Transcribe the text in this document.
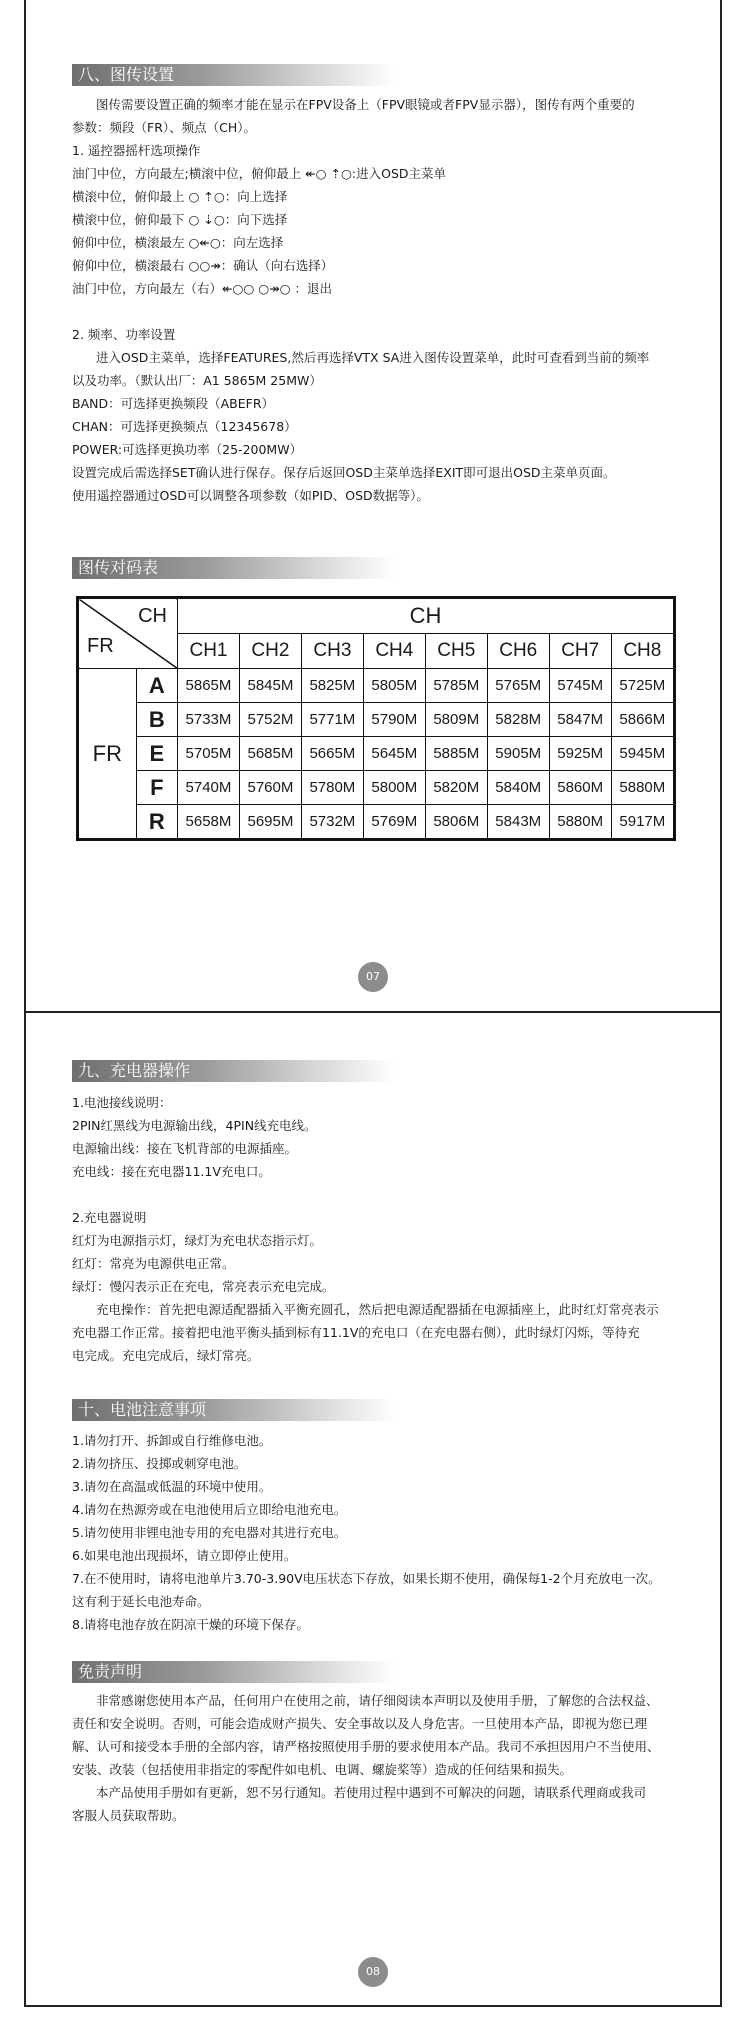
八、图传设置

图传需要设置正确的频率才能在显示在FPV设备上（FPV眼镜或者FPV显示器），图传有两个重要的

参数：频段（FR）、频点（CH）。

1. 遥控器摇杆选项操作

油门中位，方向最左;横滚中位，俯仰最上 ↞○ ⇡○:进入OSD主菜单

横滚中位，俯仰最上 ○ ⇡○：向上选择

横滚中位，俯仰最下 ○ ⇣○：向下选择

俯仰中位，横滚最左 ○↞○：向左选择

俯仰中位，横滚最右 ○○↠：确认（向右选择）

油门中位，方向最左（右）↞○○ ○↠○ ：退出

2. 频率、功率设置

进入OSD主菜单，选择FEATURES,然后再选择VTX SA进入图传设置菜单，此时可查看到当前的频率

以及功率。（默认出厂：A1 5865M 25MW）

BAND：可选择更换频段（ABEFR）

CHAN：可选择更换频点（12345678）

POWER:可选择更换功率（25-200MW）

设置完成后需选择SET确认进行保存。保存后返回OSD主菜单选择EXIT即可退出OSD主菜单页面。

使用遥控器通过OSD可以调整各项参数（如PID、OSD数据等）。

图传对码表
CH
FR		CH							
		CH1	CH2	CH3	CH4	CH5	CH6	CH7	CH8
FR	A	5865M	5845M	5825M	5805M	5785M	5765M	5745M	5725M
	B	5733M	5752M	5771M	5790M	5809M	5828M	5847M	5866M
	E	5705M	5685M	5665M	5645M	5885M	5905M	5925M	5945M
	F	5740M	5760M	5780M	5800M	5820M	5840M	5860M	5880M
	R	5658M	5695M	5732M	5769M	5806M	5843M	5880M	5917M
07
九、充电器操作

1.电池接线说明：

2PIN红黑线为电源输出线，4PIN线充电线。

电源输出线：接在飞机背部的电源插座。

充电线：接在充电器11.1V充电口。

2.充电器说明

红灯为电源指示灯，绿灯为充电状态指示灯。

红灯：常亮为电源供电正常。

绿灯：慢闪表示正在充电，常亮表示充电完成。

充电操作：首先把电源适配器插入平衡充圆孔，然后把电源适配器插在电源插座上，此时红灯常亮表示

充电器工作正常。接着把电池平衡头插到标有11.1V的充电口（在充电器右侧），此时绿灯闪烁，等待充

电完成。充电完成后，绿灯常亮。

十、电池注意事项

1.请勿打开、拆卸或自行维修电池。

2.请勿挤压、投掷或刺穿电池。

3.请勿在高温或低温的环境中使用。

4.请勿在热源旁或在电池使用后立即给电池充电。

5.请勿使用非锂电池专用的充电器对其进行充电。

6.如果电池出现损坏，请立即停止使用。

7.在不使用时，请将电池单片3.70-3.90V电压状态下存放，如果长期不使用，确保每1-2个月充放电一次。

这有利于延长电池寿命。

8.请将电池存放在阴凉干燥的环境下保存。

免责声明

非常感谢您使用本产品，任何用户在使用之前，请仔细阅读本声明以及使用手册，了解您的合法权益、

责任和安全说明。否则，可能会造成财产损失、安全事故以及人身危害。一旦使用本产品，即视为您已理

解、认可和接受本手册的全部内容，请严格按照使用手册的要求使用本产品。我司不承担因用户不当使用、

安装、改装（包括使用非指定的零配件如电机、电调、螺旋桨等）造成的任何结果和损失。

本产品使用手册如有更新，恕不另行通知。若使用过程中遇到不可解决的问题，请联系代理商或我司

客服人员获取帮助。

08
